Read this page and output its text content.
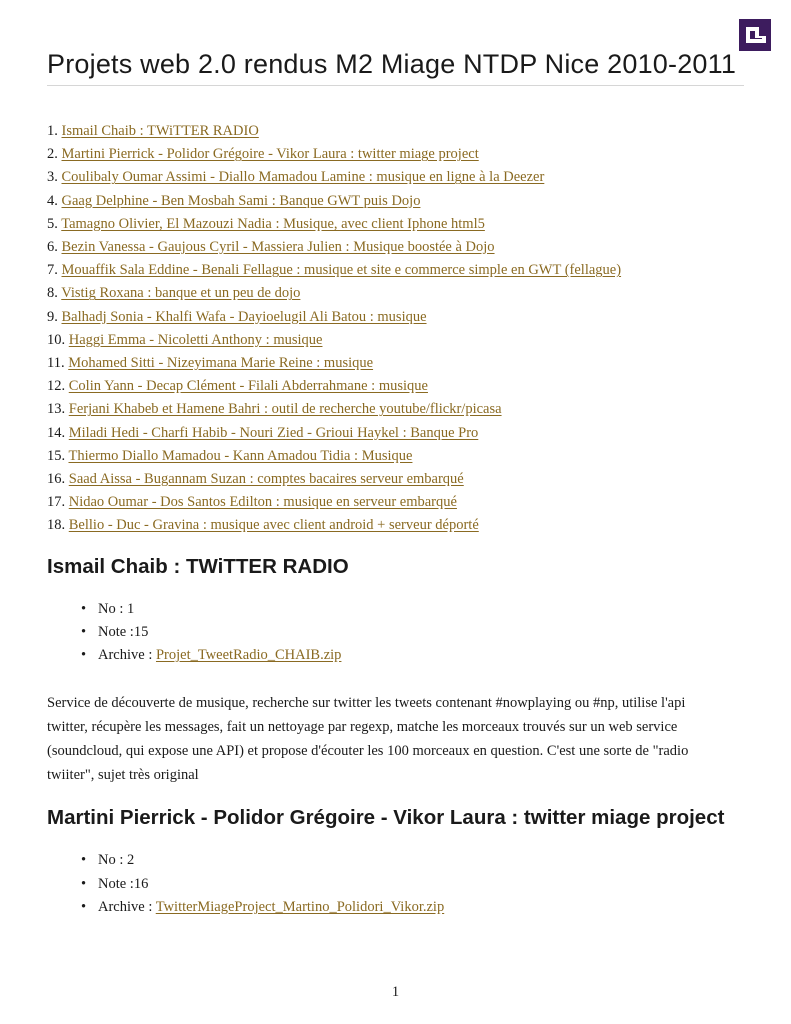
Projets web 2.0 rendus M2 Miage NTDP Nice 2010-2011
1. Ismail Chaib : TWiTTER RADIO
2. Martini Pierrick - Polidor Grégoire - Vikor Laura : twitter miage project
3. Coulibaly Oumar Assimi - Diallo Mamadou Lamine : musique en ligne à la Deezer
4. Gaag Delphine - Ben Mosbah Sami : Banque GWT puis Dojo
5. Tamagno Olivier, El Mazouzi Nadia : Musique, avec client Iphone html5
6. Bezin Vanessa - Gaujous Cyril - Massiera Julien : Musique boostée à Dojo
7. Mouaffik Sala Eddine - Benali Fellague : musique et site e commerce simple en GWT (fellague)
8. Vistig Roxana : banque et un peu de dojo
9. Balhadj Sonia - Khalfi Wafa - Dayioelugil Ali Batou : musique
10. Haggi Emma - Nicoletti Anthony : musique
11. Mohamed Sitti - Nizeyimana Marie Reine : musique
12. Colin Yann - Decap Clément - Filali Abderrahmane : musique
13. Ferjani Khabeb et Hamene Bahri : outil de recherche youtube/flickr/picasa
14. Miladi Hedi - Charfi Habib - Nouri Zied - Grioui Haykel : Banque Pro
15. Thiermo Diallo Mamadou - Kann Amadou Tidia : Musique
16. Saad Aissa - Bugannam Suzan : comptes bacaires serveur embarqué
17. Nidao Oumar - Dos Santos Edilton : musique en serveur embarqué
18. Bellio - Duc - Gravina : musique avec client android + serveur déporté
Ismail Chaib : TWiTTER RADIO
• No : 1
• Note :15
• Archive : Projet_TweetRadio_CHAIB.zip

Service de découverte de musique, recherche sur twitter les tweets contenant #nowplaying ou #np, utilise l'api twitter, récupère les messages, fait un nettoyage par regexp, matche les morceaux trouvés sur un web service (soundcloud, qui expose une API) et propose d'écouter les 100 morceaux en question. C'est une sorte de "radio twiiter", sujet très original

Martini Pierrick - Polidor Grégoire - Vikor Laura : twitter miage project
• No : 2
• Note :16
• Archive : TwitterMiageProject_Martino_Polidori_Vikor.zip
1
